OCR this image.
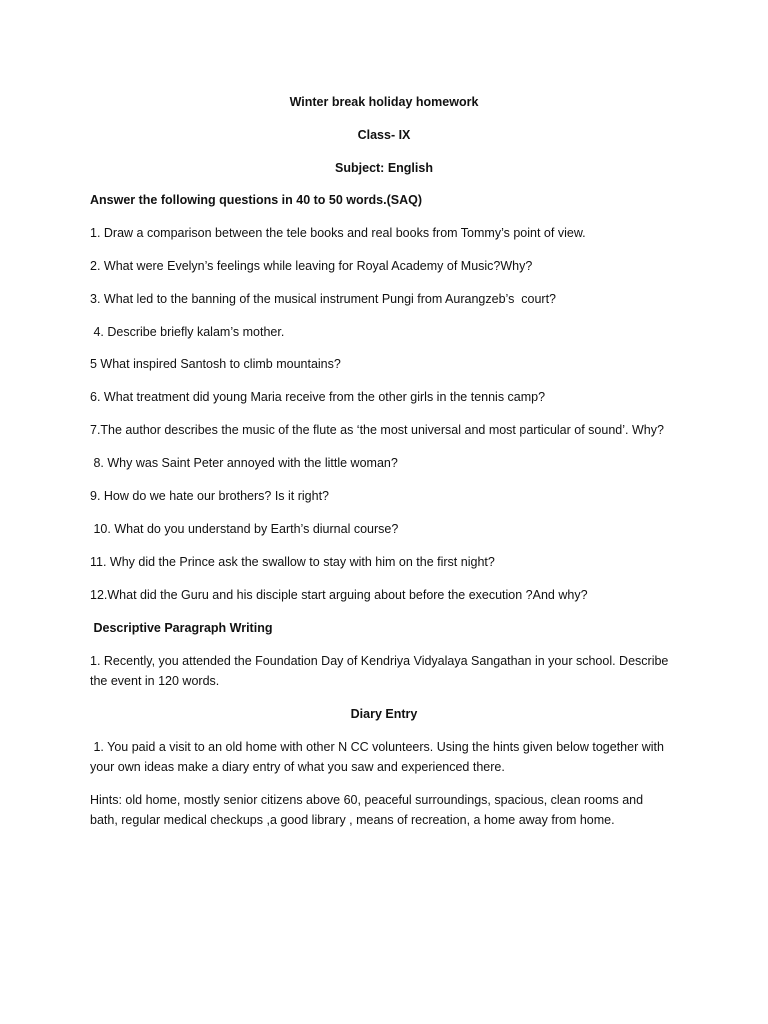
Winter break holiday homework
Class- IX
Subject: English
Answer the following questions in 40 to 50 words.(SAQ)
1. Draw a comparison between the tele books and real books from Tommy’s point of view.
2. What were Evelyn’s feelings while leaving for Royal Academy of Music?Why?
3. What led to the banning of the musical instrument Pungi from Aurangzeb’s  court?
4. Describe briefly kalam’s mother.
5 What inspired Santosh to climb mountains?
6. What treatment did young Maria receive from the other girls in the tennis camp?
7.The author describes the music of the flute as ‘the most universal and most particular of sound’. Why?
8. Why was Saint Peter annoyed with the little woman?
9. How do we hate our brothers? Is it right?
10. What do you understand by Earth’s diurnal course?
11. Why did the Prince ask the swallow to stay with him on the first night?
12.What did the Guru and his disciple start arguing about before the execution ?And why?
Descriptive Paragraph Writing
1. Recently, you attended the Foundation Day of Kendriya Vidyalaya Sangathan in your school. Describe
the event in 120 words.
Diary Entry
1. You paid a visit to an old home with other N CC volunteers. Using the hints given below together with
your own ideas make a diary entry of what you saw and experienced there.
Hints: old home, mostly senior citizens above 60, peaceful surroundings, spacious, clean rooms and
bath, regular medical checkups ,a good library , means of recreation, a home away from home.
